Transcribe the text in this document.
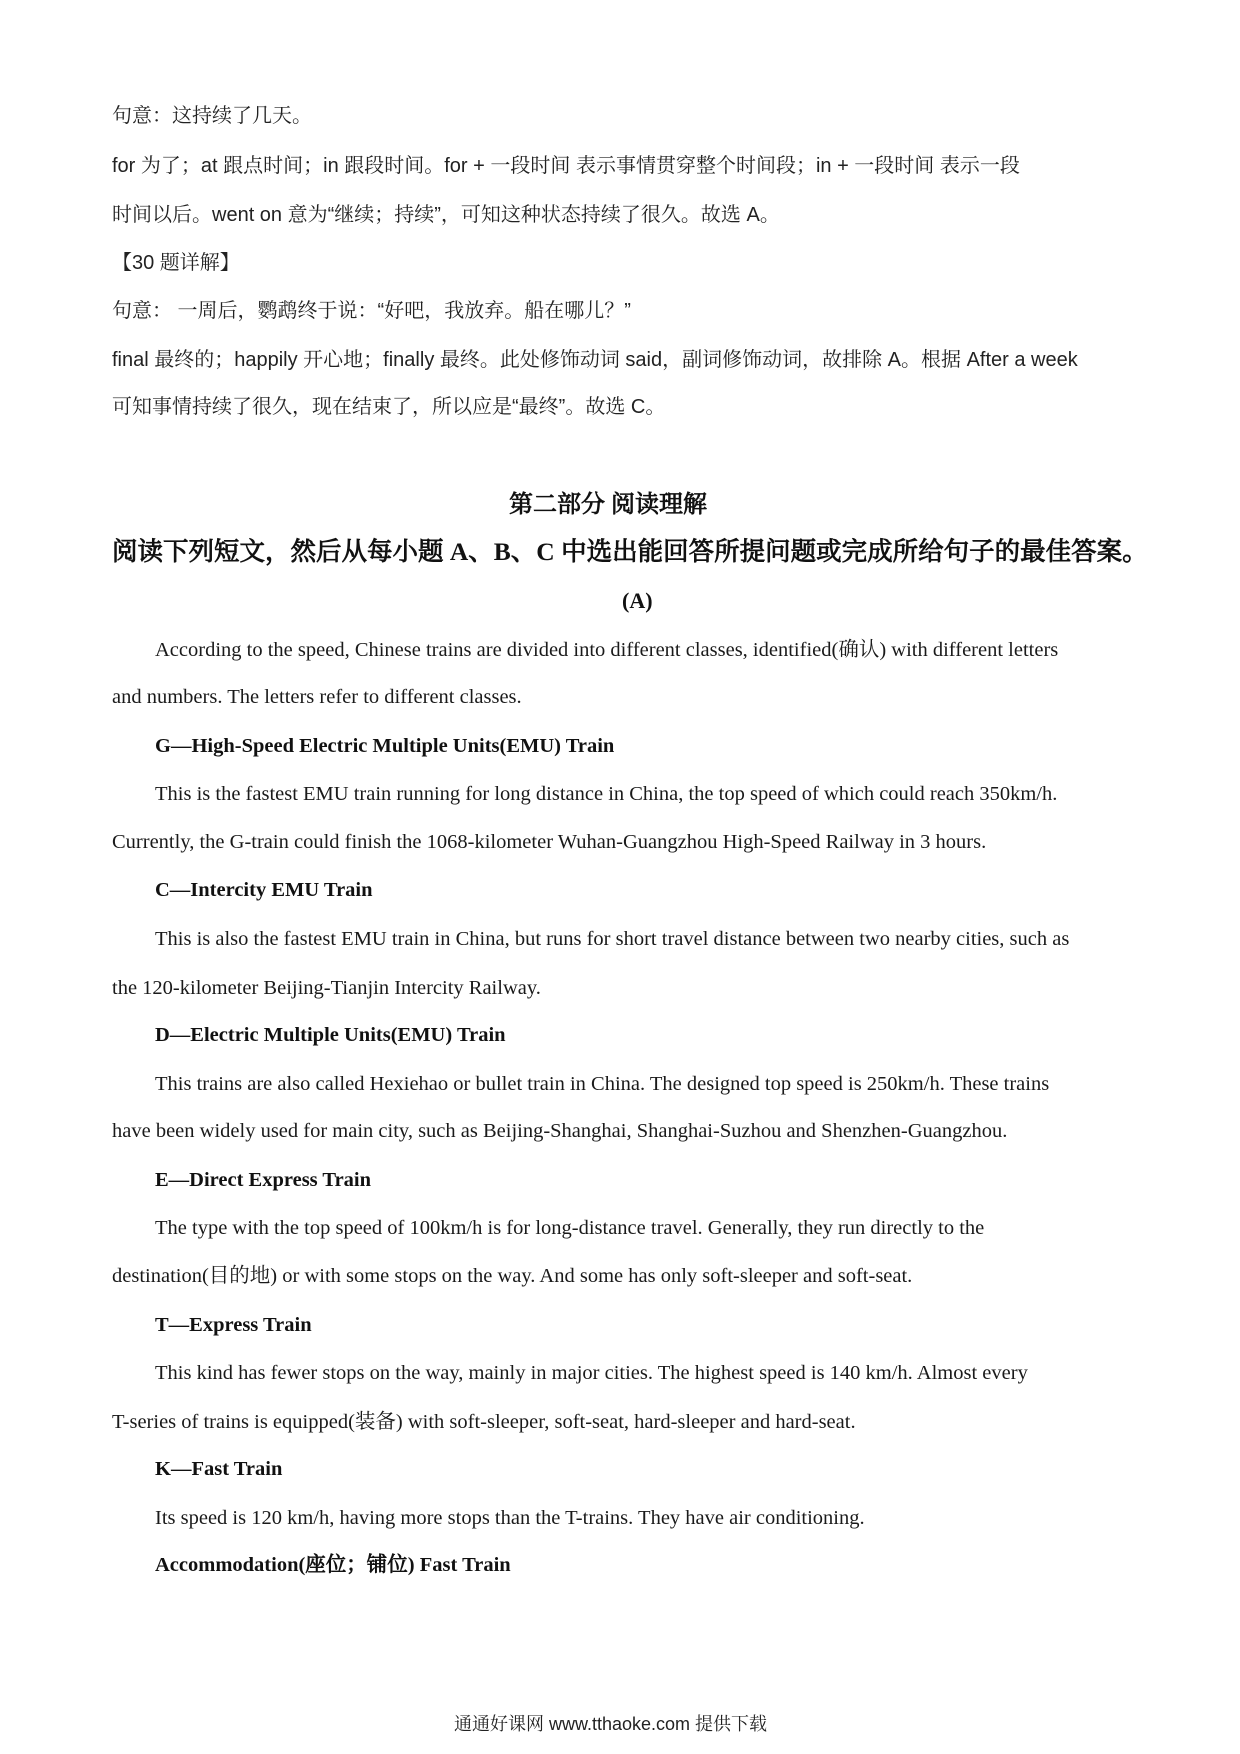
句意：这持续了几天。
for 为了；at 跟点时间；in 跟段时间。for + 一段时间 表示事情贯穿整个时间段；in + 一段时间 表示一段
时间以后。went on 意为“继续；持续”，可知这种状态持续了很久。故选 A。
【30 题详解】
句意： 一周后，鹦鹉终于说：“好吧，我放弃。船在哪儿？”
final 最终的；happily 开心地；finally 最终。此处修饰动词 said，副词修饰动词，故排除 A。根据 After a week
可知事情持续了很久，现在结束了，所以应是“最终”。故选 C。
第二部分 阅读理解
阅读下列短文，然后从每小题 A、B、C 中选出能回答所提问题或完成所给句子的最佳答案。
(A)
According to the speed, Chinese trains are divided into different classes, identified(确认) with different letters
and numbers. The letters refer to different classes.
G—High-Speed Electric Multiple Units(EMU) Train
This is the fastest EMU train running for long distance in China, the top speed of which could reach 350km/h.
Currently, the G-train could finish the 1068-kilometer Wuhan-Guangzhou High-Speed Railway in 3 hours.
C—Intercity EMU Train
This is also the fastest EMU train in China, but runs for short travel distance between two nearby cities, such as
the 120-kilometer Beijing-Tianjin Intercity Railway.
D—Electric Multiple Units(EMU) Train
This trains are also called Hexiehao or bullet train in China. The designed top speed is 250km/h. These trains
have been widely used for main city, such as Beijing-Shanghai, Shanghai-Suzhou and Shenzhen-Guangzhou.
E—Direct Express Train
The type with the top speed of 100km/h is for long-distance travel. Generally, they run directly to the
destination(目的地) or with some stops on the way. And some has only soft-sleeper and soft-seat.
T—Express Train
This kind has fewer stops on the way, mainly in major cities. The highest speed is 140 km/h. Almost every
T-series of trains is equipped(装备) with soft-sleeper, soft-seat, hard-sleeper and hard-seat.
K—Fast Train
Its speed is 120 km/h, having more stops than the T-trains. They have air conditioning.
Accommodation(座位；铺位) Fast Train
通通好课网 www.tthaoke.com 提供下载
